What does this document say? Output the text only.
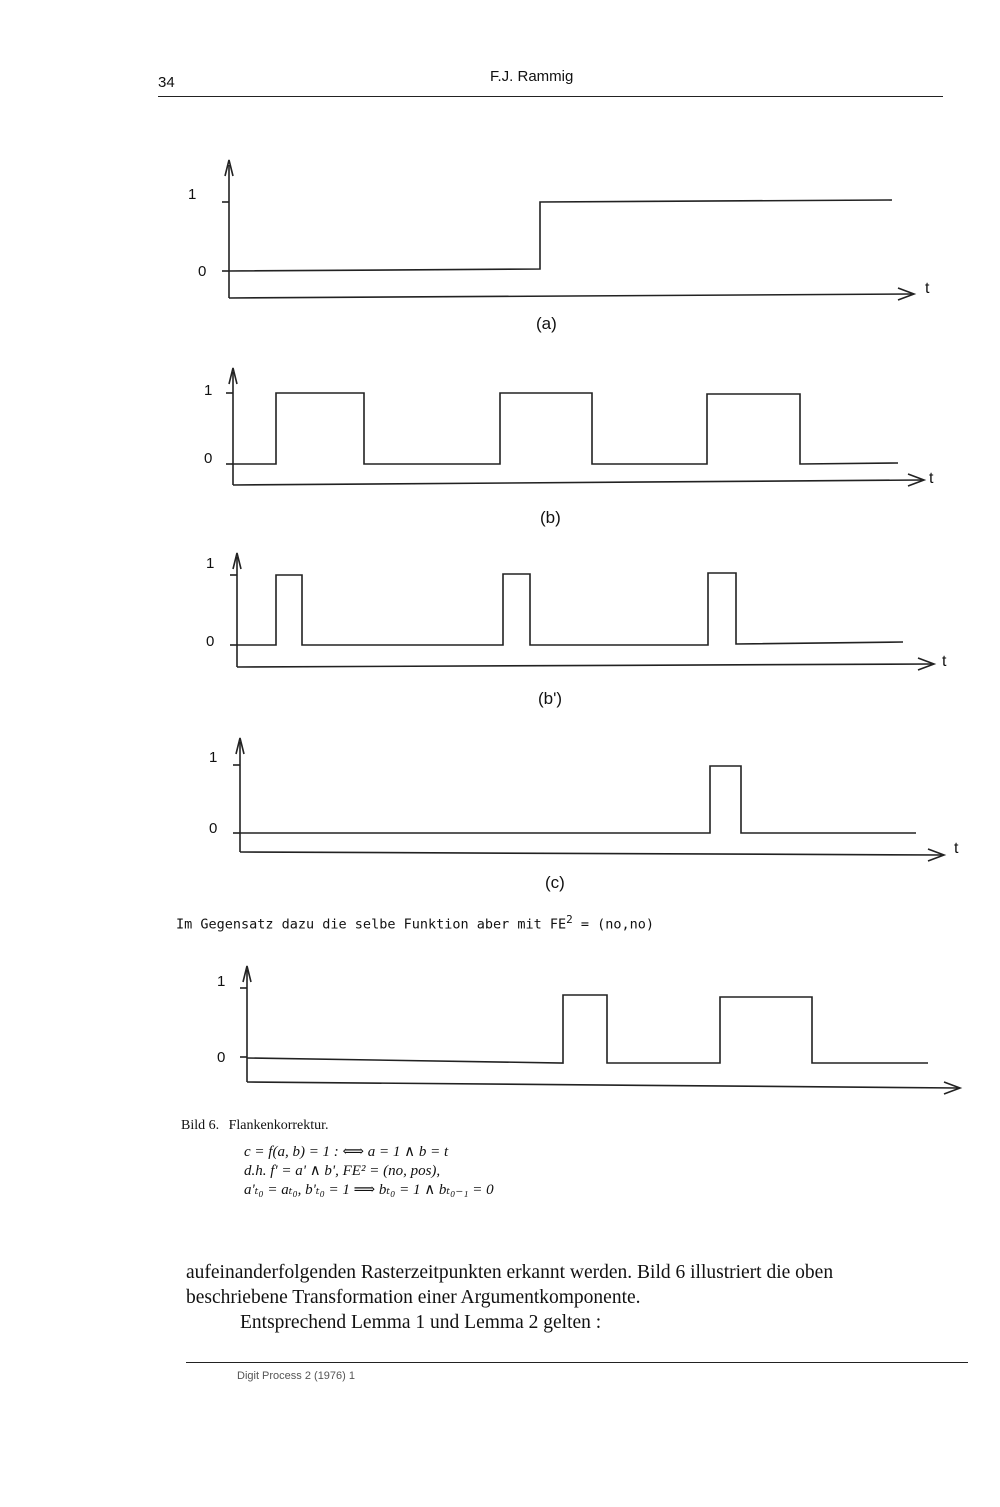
34	F.J. Rammig
1
0
t
(a)
1
0
t
(b)
1
0
t
(b')
1
0
t
(c)
1
0
Im Gegensatz dazu die selbe Funktion aber mit $FE^2 = (no,no)$
Bild 6. Flankenkorrektur.
c = f(a, b) = 1 : ⟺ a = 1 ∧ b = t
d.h. f' = a' ∧ b', FE² = (no, pos),
a'ₜ₀ = aₜ₀, b'ₜ₀ = 1 ⟹ bₜ₀ = 1 ∧ bₜ₀₋₁ = 0
aufeinanderfolgenden Rasterzeitpunkten erkannt werden. Bild 6 illustriert die oben
beschriebene Transformation einer Argumentkomponente.
Entsprechend Lemma 1 und Lemma 2 gelten :
Digit Process 2 (1976) 1
